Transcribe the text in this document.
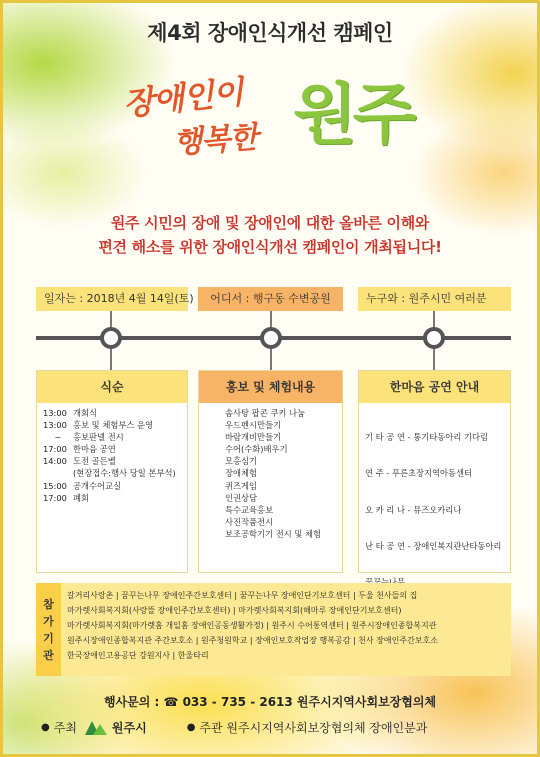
제4회 장애인식개선 캠페인
장애인이
행복한 원주
원주 시민의 장애 및 장애인에 대한 올바른 이해와
편견 해소를 위한 장애인식개선 캠페인이 개최됩니다!
일자는 : 2018년 4월 14일(토)	어디서 : 행구동 수변공원	누구와 : 원주시민 여러분
식순
13:00 개회식
13:00 홍보 및 체험부스 운영
~	홍보판넬 전시
17:00 한마음 공연
14:00 도전 골든벨
(현장접수:행사 당일 본부석)
15:00 공개수어교실
17:00 폐회
홍보 및 체험내용
솜사탕 팝콘 쿠키 나눔
우드펜시만들기
바람개비만들기
수어(수화)배우기
모홍심기
장애체험
퀴즈게임
인권상담
특수교육홍보
사진작품전시
보조공학기기 전시 및 체험
한마음 공연 안내

기 타 공 연 - 통기타동아리 기다림

연 주 - 푸른초장지역아동센터

오 카 리 나 - 뮤즈오카리나

난 타 공 연 - 장애인복지관난타동아리

참
가
기
관
갈거리사랑촌 | 꿈꾸는나무 장애인주간보호센터 | 꿈꾸는나무 장애인단기보호센터 | 두울 천사들의 집
마가렛사회복지회(사랑뜰 장애인주간보호센터) | 마가렛사회복지회(해마루 장애인단기보호센터)
마가렛사회복지회(마가렛홈 개일홈 장애인공동생활가정) | 원주시 수어통역센터 | 원주시장애인종합복지관
원주시장애인종합복지관 주간보호소 | 원주청원학교 | 장애인보호작업장 행복공감 | 천사 장애인주간보호소
한국장애인고용공단 강원지사 | 한울타리
행사문의 : ☎ 033 - 735 - 2613 원주시지역사회보장협의체
● 주최	원주시	● 주관 원주시지역사회보장협의체 장애인분과
